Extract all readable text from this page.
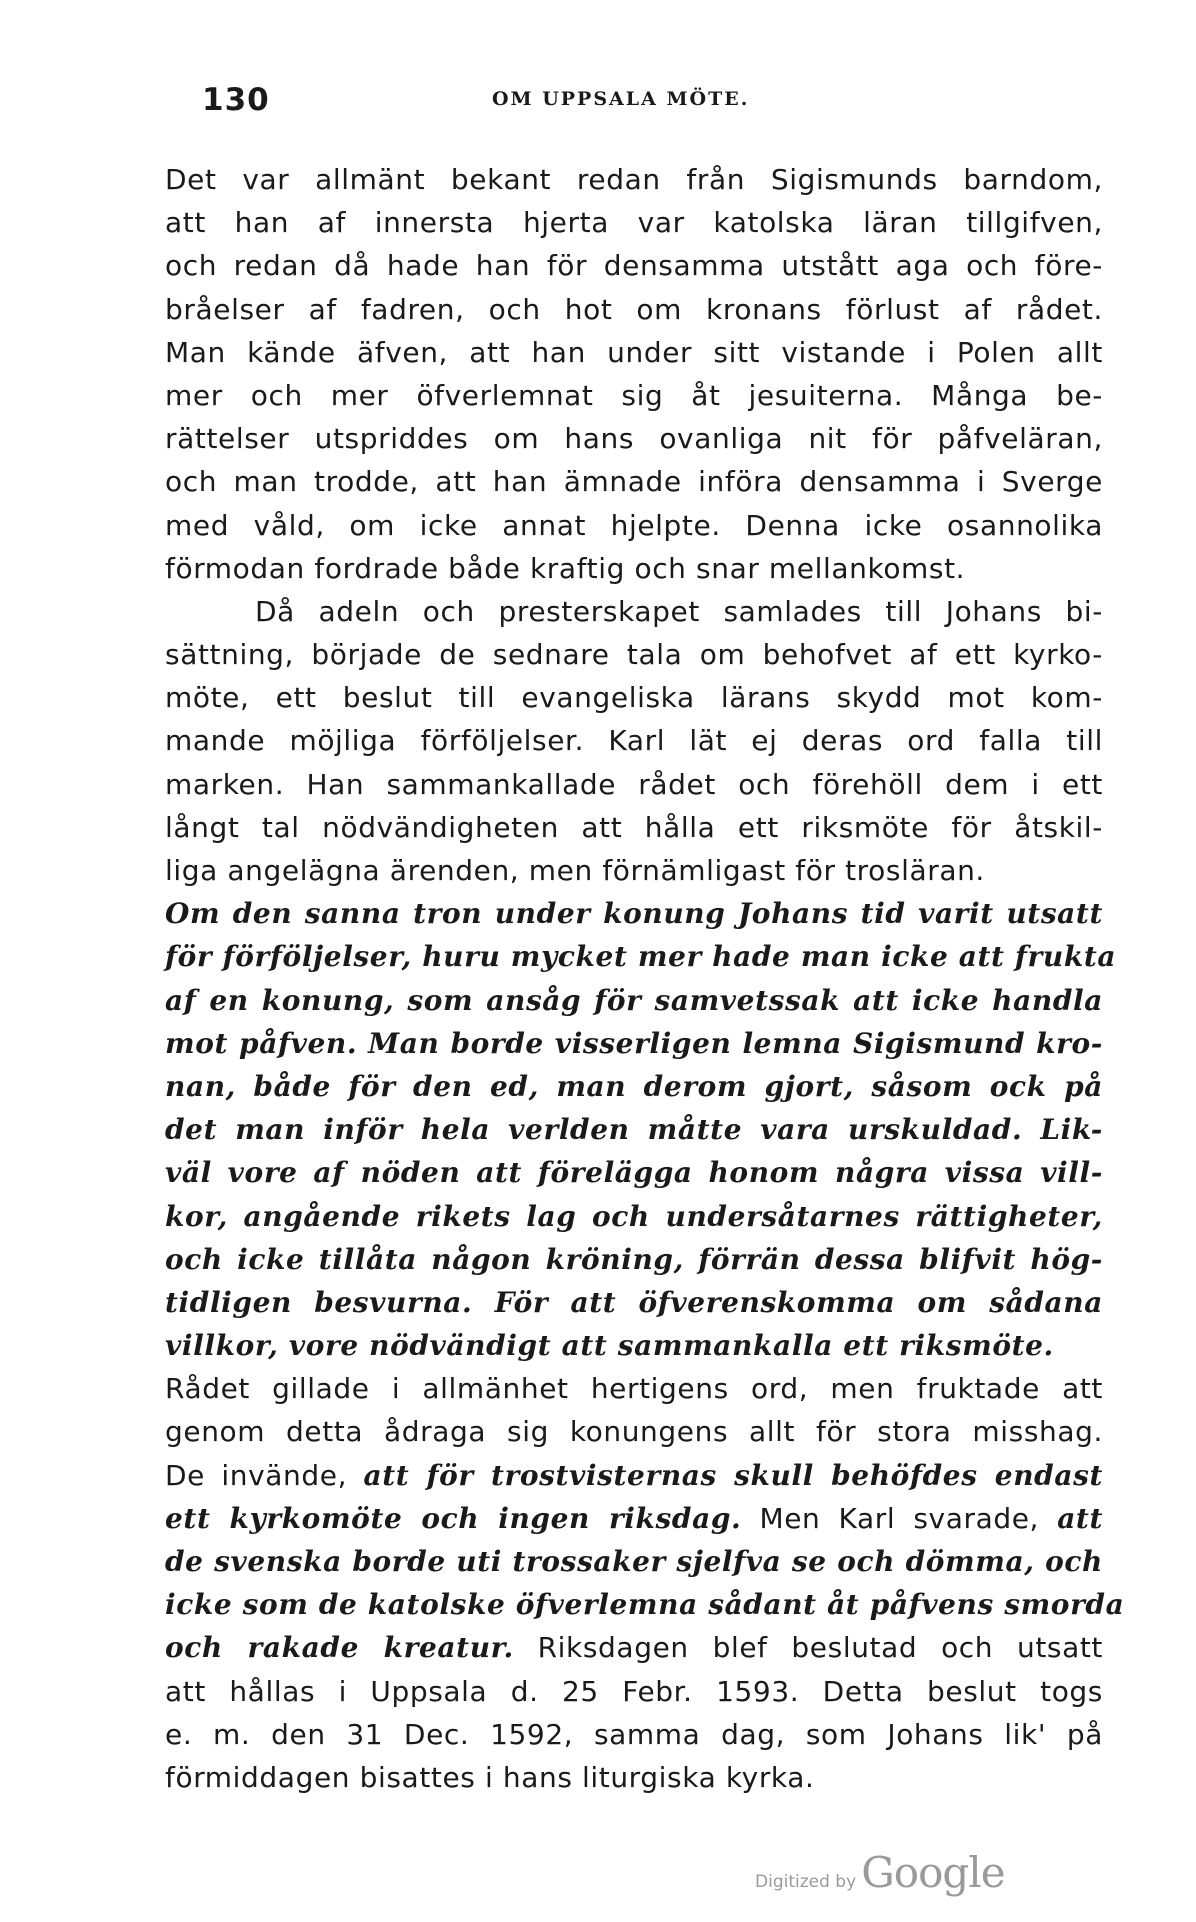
130	OM UPPSALA MÖTE.
Det var allmänt bekant redan från Sigismunds barndom,
att han af innersta hjerta var katolska läran tillgifven,
och redan då hade han för densamma utstått aga och före-
bråelser af fadren, och hot om kronans förlust af rådet.
Man kände äfven, att han under sitt vistande i Polen allt
mer och mer öfverlemnat sig åt jesuiterna. Många be-
rättelser utspriddes om hans ovanliga nit för påfveläran,
och man trodde, att han ämnade införa densamma i Sverge
med våld, om icke annat hjelpte. Denna icke osannolika
förmodan fordrade både kraftig och snar mellankomst.
Då adeln och presterskapet samlades till Johans bi-
sättning, började de sednare tala om behofvet af ett kyrko-
möte, ett beslut till evangeliska lärans skydd mot kom-
mande möjliga förföljelser. Karl lät ej deras ord falla till
marken. Han sammankallade rådet och förehöll dem i ett
långt tal nödvändigheten att hålla ett riksmöte för åtskil-
liga angelägna ärenden, men förnämligast för trosläran.
Om den sanna tron under konung Johans tid varit utsatt
för förföljelser, huru mycket mer hade man icke att frukta
af en konung, som ansåg för samvetssak att icke handla
mot påfven. Man borde visserligen lemna Sigismund kro-
nan, både för den ed, man derom gjort, såsom ock på
det man inför hela verlden måtte vara urskuldad. Lik-
väl vore af nöden att förelägga honom några vissa vill-
kor, angående rikets lag och undersåtarnes rättigheter,
och icke tillåta någon kröning, förrän dessa blifvit hög-
tidligen besvurna. För att öfverenskomma om sådana
villkor, vore nödvändigt att sammankalla ett riksmöte.
Rådet gillade i allmänhet hertigens ord, men fruktade att
genom detta ådraga sig konungens allt för stora misshag.
De invände, att för trostvisternas skull behöfdes endast
ett kyrkomöte och ingen riksdag. Men Karl svarade, att
de svenska borde uti trossaker sjelfva se och dömma, och
icke som de katolske öfverlemna sådant åt påfvens smorda
och rakade kreatur. Riksdagen blef beslutad och utsatt
att hållas i Uppsala d. 25 Febr. 1593. Detta beslut togs
e. m. den 31 Dec. 1592, samma dag, som Johans lik' på
förmiddagen bisattes i hans liturgiska kyrka.
Digitized by Google
